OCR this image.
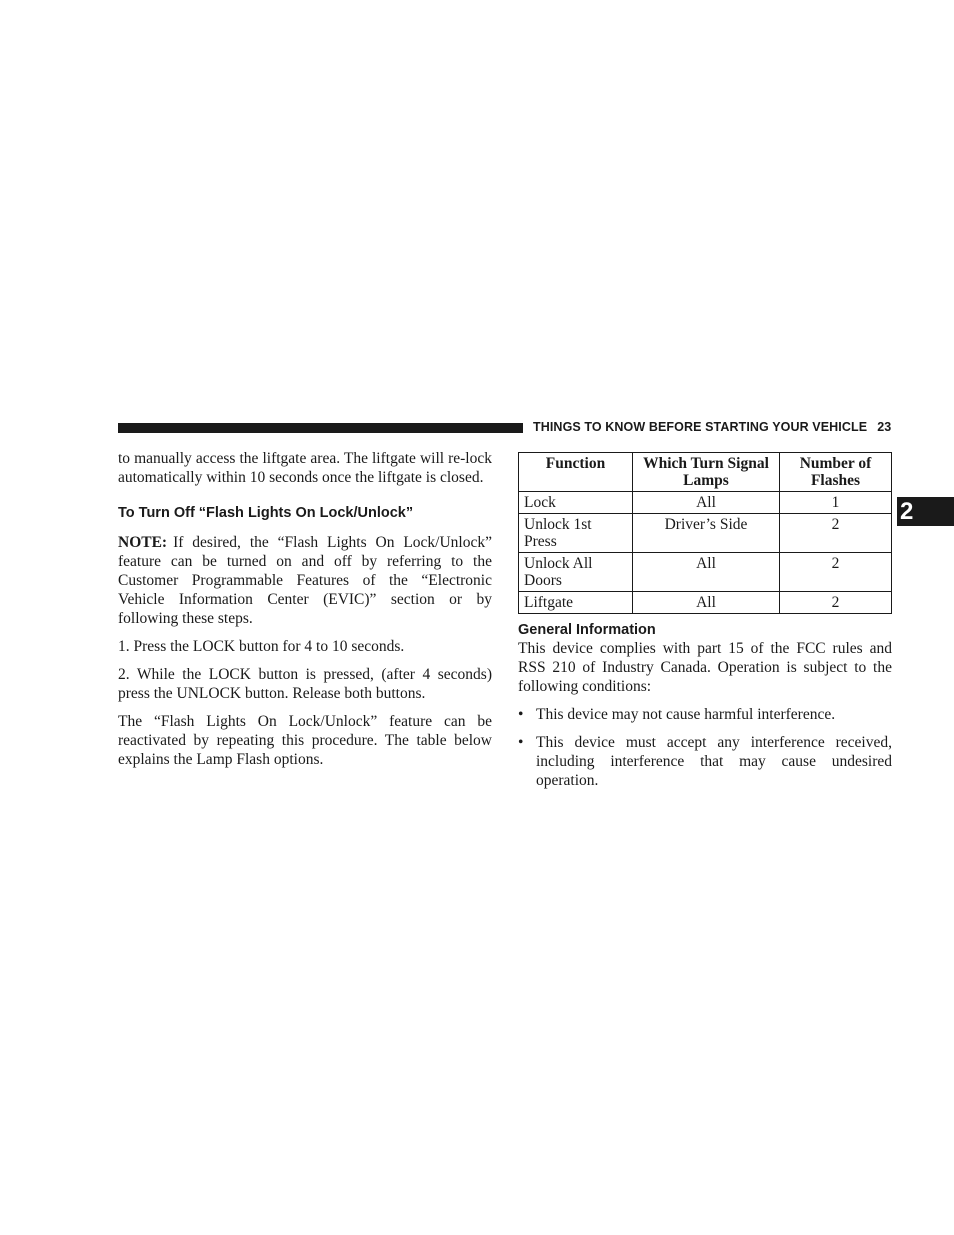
THINGS TO KNOW BEFORE STARTING YOUR VEHICLE 23
2

to manually access the liftgate area. The liftgate will re-lock automatically within 10 seconds once the liftgate is closed.

To Turn Off “Flash Lights On Lock/Unlock”

NOTE: If desired, the “Flash Lights On Lock/Unlock” feature can be turned on and off by referring to the Customer Programmable Features of the “Electronic Vehicle Information Center (EVIC)” section or by following these steps.

1. Press the LOCK button for 4 to 10 seconds.

2. While the LOCK button is pressed, (after 4 seconds) press the UNLOCK button. Release both buttons.

The “Flash Lights On Lock/Unlock” feature can be reactivated by repeating this procedure. The table below explains the Lamp Flash options.

Function	Which Turn Signal Lamps	Number of Flashes
Lock	All	1
Unlock 1st Press	Driver’s Side	2
Unlock All Doors	All	2
Liftgate	All	2
General Information

This device complies with part 15 of the FCC rules and RSS 210 of Industry Canada. Operation is subject to the following conditions:

• This device may not cause harmful interference.
• This device must accept any interference received, including interference that may cause undesired operation.
